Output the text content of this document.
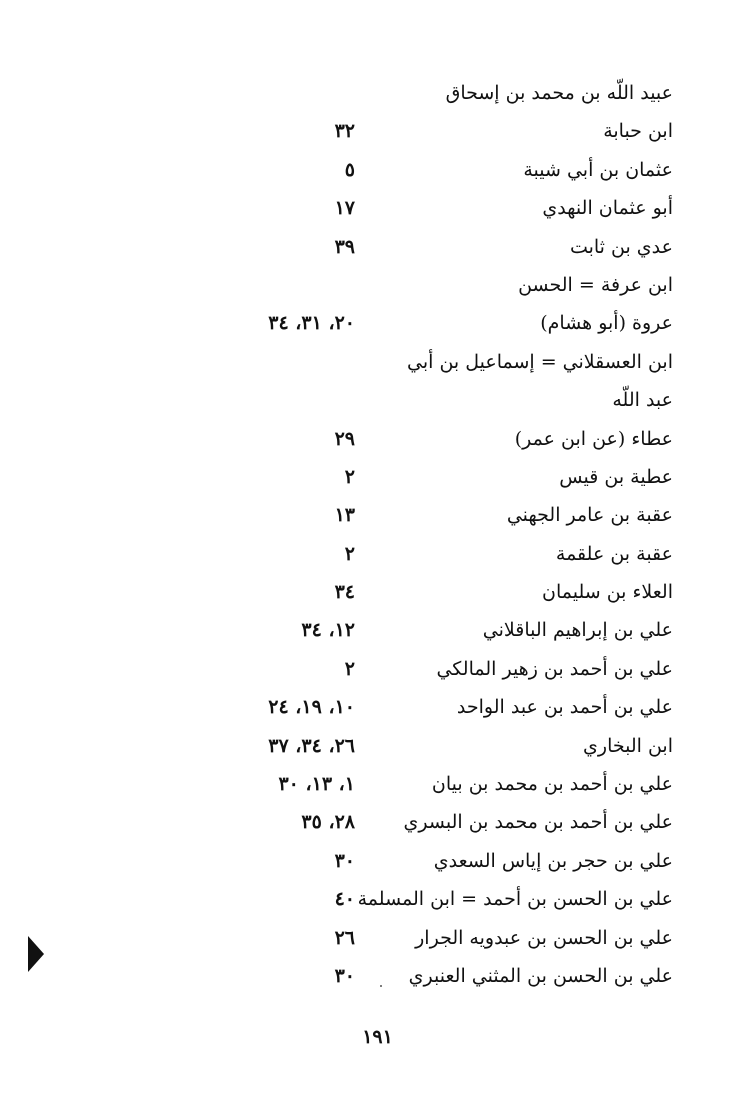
عبيد اللّه بن محمد بن إسحاق
ابن حبابة
٣٢
عثمان بن أبي شيبة
٥
أبو عثمان النهدي
١٧
عدي بن ثابت
٣٩
ابن عرفة = الحسن
عروة (أبو هشام)
٢٠، ٣١، ٣٤
ابن العسقلاني = إسماعيل بن أبي
عبد اللّه
عطاء (عن ابن عمر)
٢٩
عطية بن قيس
٢
عقبة بن عامر الجهني
١٣
عقبة بن علقمة
٢
العلاء بن سليمان
٣٤
علي بن إبراهيم الباقلاني
١٢، ٣٤
علي بن أحمد بن زهير المالكي
٢
علي بن أحمد بن عبد الواحد
١٠، ١٩، ٢٤
ابن البخاري
٢٦، ٣٤، ٣٧
علي بن أحمد بن محمد بن بيان
١، ١٣، ٣٠
علي بن أحمد بن محمد بن البسري
٢٨، ٣٥
علي بن حجر بن إياس السعدي
٣٠
علي بن الحسن بن أحمد = ابن المسلمة
٤٠
علي بن الحسن بن عبدويه الجرار
٢٦
علي بن الحسن بن المثني العنبري
٣٠
١٩١
